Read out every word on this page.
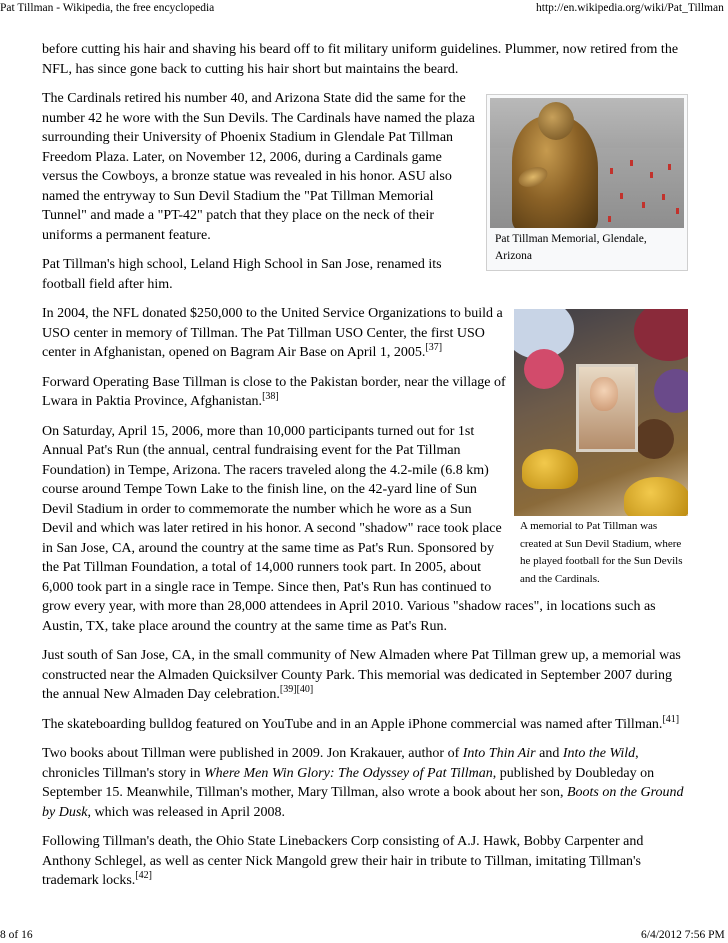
Pat Tillman - Wikipedia, the free encyclopedia	http://en.wikipedia.org/wiki/Pat_Tillman

before cutting his hair and shaving his beard off to fit military uniform guidelines. Plummer, now retired from the NFL, has since gone back to cutting his hair short but maintains the beard.

Pat Tillman Memorial, Glendale, Arizona

The Cardinals retired his number 40, and Arizona State did the same for the number 42 he wore with the Sun Devils. The Cardinals have named the plaza surrounding their University of Phoenix Stadium in Glendale Pat Tillman Freedom Plaza. Later, on November 12, 2006, during a Cardinals game versus the Cowboys, a bronze statue was revealed in his honor. ASU also named the entryway to Sun Devil Stadium the "Pat Tillman Memorial Tunnel" and made a "PT-42" patch that they place on the neck of their uniforms a permanent feature.

Pat Tillman's high school, Leland High School in San Jose, renamed its football field after him.

A memorial to Pat Tillman was created at Sun Devil Stadium, where he played football for the Sun Devils and the Cardinals.

In 2004, the NFL donated $250,000 to the United Service Organizations to build a USO center in memory of Tillman. The Pat Tillman USO Center, the first USO center in Afghanistan, opened on Bagram Air Base on April 1, 2005.[37]

Forward Operating Base Tillman is close to the Pakistan border, near the village of Lwara in Paktia Province, Afghanistan.[38]

On Saturday, April 15, 2006, more than 10,000 participants turned out for 1st Annual Pat's Run (the annual, central fundraising event for the Pat Tillman Foundation) in Tempe, Arizona. The racers traveled along the 4.2-mile (6.8 km) course around Tempe Town Lake to the finish line, on the 42-yard line of Sun Devil Stadium in order to commemorate the number which he wore as a Sun Devil and which was later retired in his honor. A second "shadow" race took place in San Jose, CA, around the country at the same time as Pat's Run. Sponsored by the Pat Tillman Foundation, a total of 14,000 runners took part. In 2005, about 6,000 took part in a single race in Tempe. Since then, Pat's Run has continued to grow every year, with more than 28,000 attendees in April 2010. Various "shadow races", in locations such as Austin, TX, take place around the country at the same time as Pat's Run.

Just south of San Jose, CA, in the small community of New Almaden where Pat Tillman grew up, a memorial was constructed near the Almaden Quicksilver County Park. This memorial was dedicated in September 2007 during the annual New Almaden Day celebration.[39][40]

The skateboarding bulldog featured on YouTube and in an Apple iPhone commercial was named after Tillman.[41]

Two books about Tillman were published in 2009. Jon Krakauer, author of Into Thin Air and Into the Wild, chronicles Tillman's story in Where Men Win Glory: The Odyssey of Pat Tillman, published by Doubleday on September 15. Meanwhile, Tillman's mother, Mary Tillman, also wrote a book about her son, Boots on the Ground by Dusk, which was released in April 2008.

Following Tillman's death, the Ohio State Linebackers Corp consisting of A.J. Hawk, Bobby Carpenter and Anthony Schlegel, as well as center Nick Mangold grew their hair in tribute to Tillman, imitating Tillman's trademark locks.[42]

8 of 16	6/4/2012 7:56 PM
